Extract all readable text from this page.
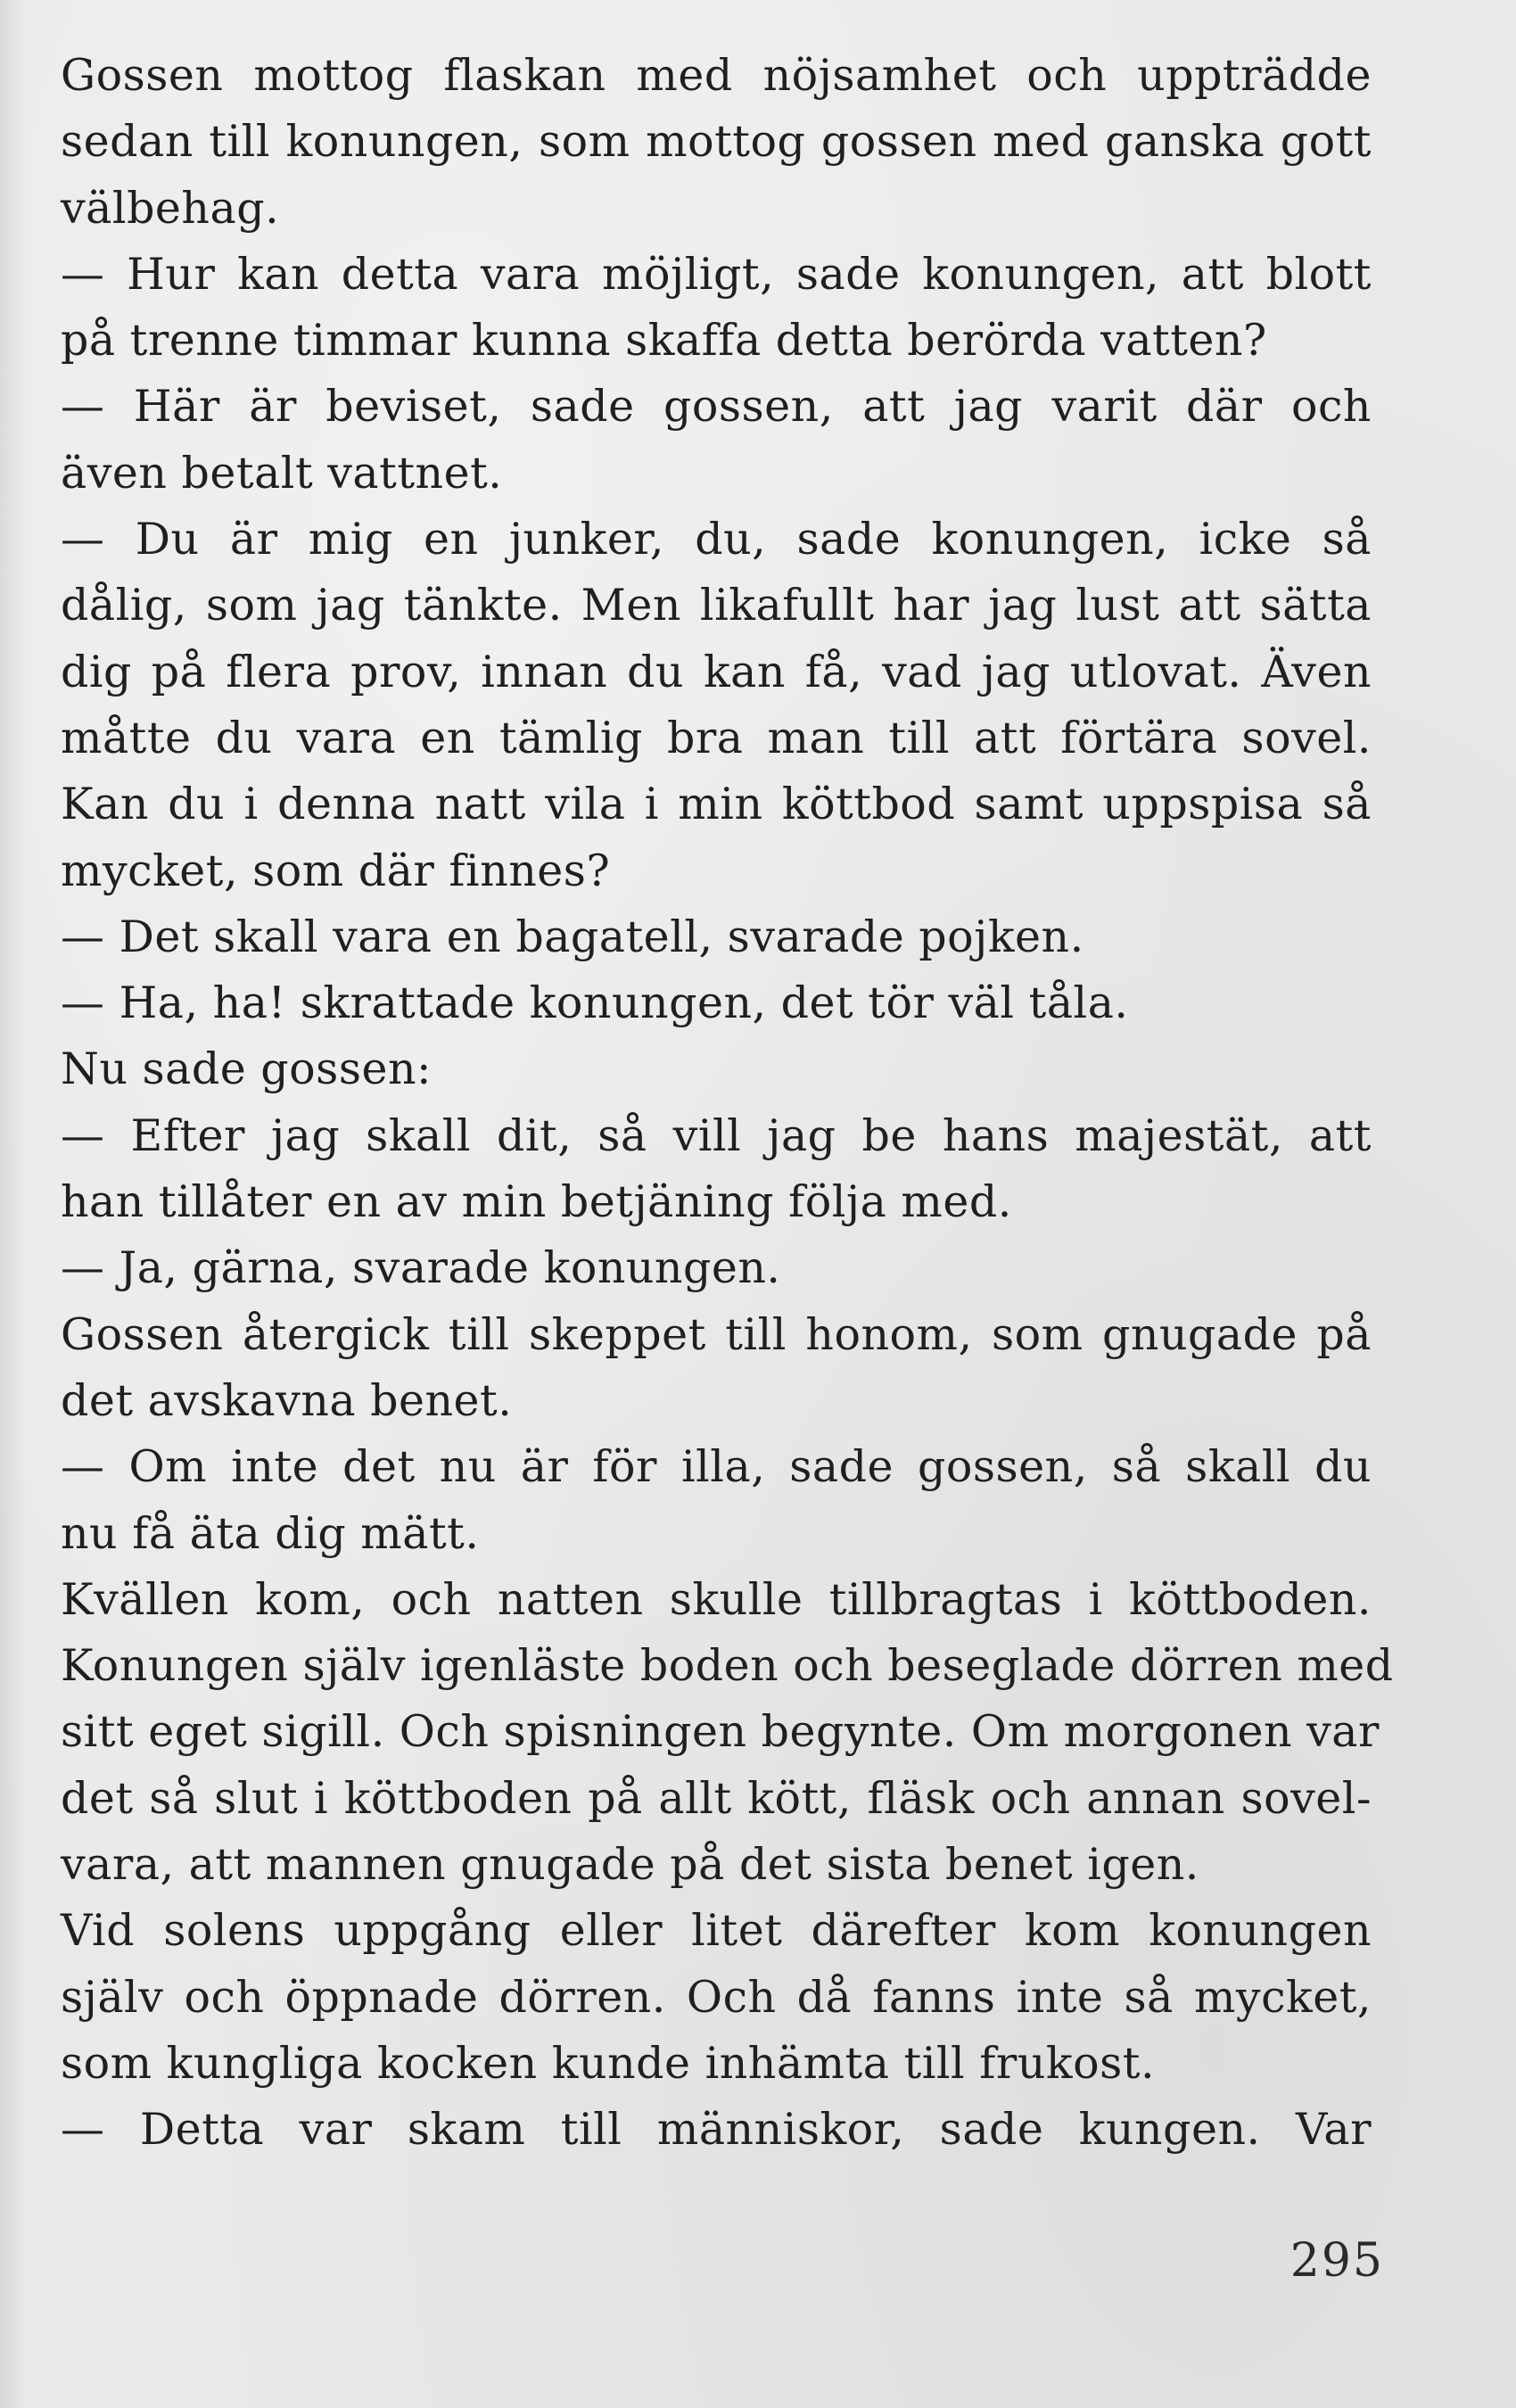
Gossen mottog flaskan med nöjsamhet och uppträdde
sedan till konungen, som mottog gossen med ganska gott
välbehag.
— Hur kan detta vara möjligt, sade konungen, att blott
på trenne timmar kunna skaffa detta berörda vatten?
— Här är beviset, sade gossen, att jag varit där och
även betalt vattnet.
— Du är mig en junker, du, sade konungen, icke så
dålig, som jag tänkte. Men likafullt har jag lust att sätta
dig på flera prov, innan du kan få, vad jag utlovat. Även
måtte du vara en tämlig bra man till att förtära sovel.
Kan du i denna natt vila i min köttbod samt uppspisa så
mycket, som där finnes?
— Det skall vara en bagatell, svarade pojken.
— Ha, ha! skrattade konungen, det tör väl tåla.
Nu sade gossen:
— Efter jag skall dit, så vill jag be hans majestät, att
han tillåter en av min betjäning följa med.
— Ja, gärna, svarade konungen.
Gossen återgick till skeppet till honom, som gnugade på
det avskavna benet.
— Om inte det nu är för illa, sade gossen, så skall du
nu få äta dig mätt.
Kvällen kom, och natten skulle tillbragtas i köttboden.
Konungen själv igenläste boden och beseglade dörren med
sitt eget sigill. Och spisningen begynte. Om morgonen var
det så slut i köttboden på allt kött, fläsk och annan sovel-
vara, att mannen gnugade på det sista benet igen.
Vid solens uppgång eller litet därefter kom konungen
själv och öppnade dörren. Och då fanns inte så mycket,
som kungliga kocken kunde inhämta till frukost.
— Detta var skam till människor, sade kungen. Var
295
